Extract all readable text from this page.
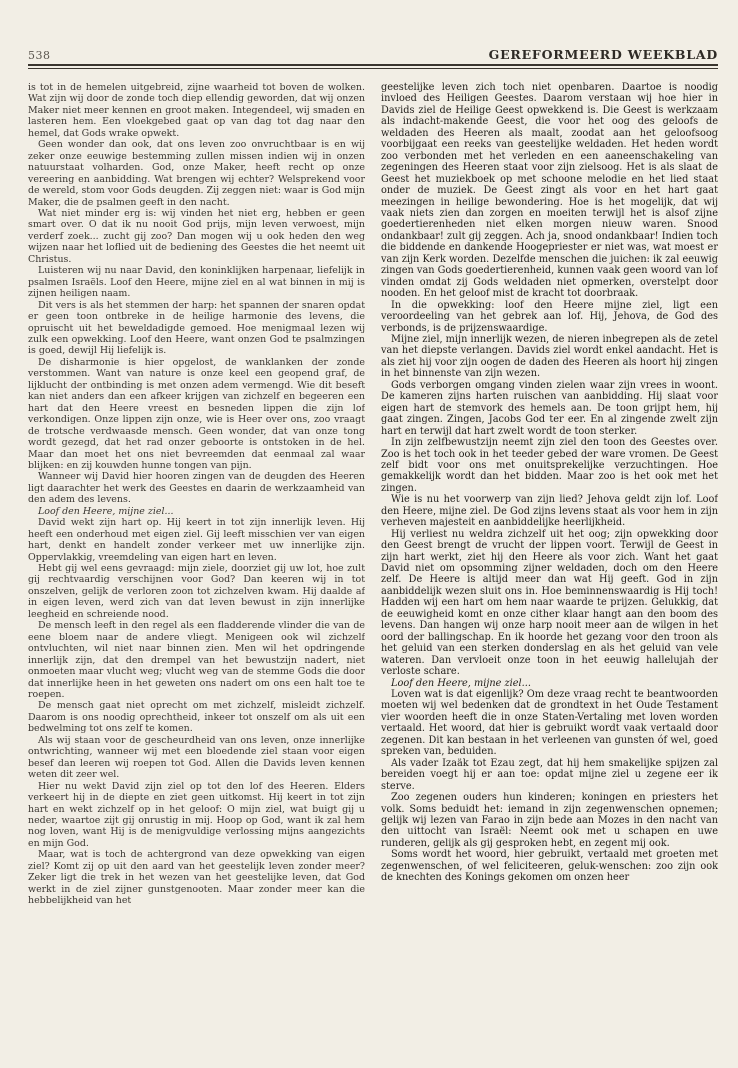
538	GEREFORMEERD WEEKBLAD

is tot in de hemelen uitgebreid, zijne waarheid tot boven de wolken. Wat zijn wij door de zonde toch diep ellendig geworden, dat wij onzen Maker niet meer kennen en groot maken. Integendeel, wij smaden en lasteren hem. Een vloekgebed gaat op van dag tot dag naar den hemel, dat Gods wrake opwekt.

Geen wonder dan ook, dat ons leven zoo onvruchtbaar is en wij zeker onze eeuwige bestemming zullen missen indien wij in onzen natuurstaat volharden. God, onze Maker, heeft recht op onze vereering en aanbidding. Wat brengen wij echter? Welsprekend voor de wereld, stom voor Gods deugden. Zij zeggen niet: waar is God mijn Maker, die de psalmen geeft in den nacht.

Wat niet minder erg is: wij vinden het niet erg, hebben er geen smart over. O dat ik nu nooit God prijs, mijn leven verwoest, mijn verderf zoek... zucht gij zoo? Dan mogen wij u ook heden den weg wijzen naar het loflied uit de bediening des Geestes die het neemt uit Christus.

Luisteren wij nu naar David, den koninklijken harpenaar, liefelijk in psalmen Israëls. Loof den Heere, mijne ziel en al wat binnen in mij is zijnen heiligen naam.

Dit vers is als het stemmen der harp: het spannen der snaren opdat er geen toon ontbreke in de heilige harmonie des levens, die opruischt uit het beweldadigde gemoed. Hoe menigmaal lezen wij zulk een opwekking. Loof den Heere, want onzen God te psalmzingen is goed, dewijl Hij liefelijk is.

De disharmonie is hier opgelost, de wanklanken der zonde verstommen. Want van nature is onze keel een geopend graf, de lijklucht der ontbinding is met onzen adem vermengd. Wie dit beseft kan niet anders dan een afkeer krijgen van zichzelf en begeeren een hart dat den Heere vreest en besneden lippen die zijn lof verkondigen. Onze lippen zijn onze, wie is Heer over ons, zoo vraagt de trotsche verdwaasde mensch. Geen wonder, dat van onze tong wordt gezegd, dat het rad onzer geboorte is ontstoken in de hel. Maar dan moet het ons niet bevreemden dat eenmaal zal waar blijken: en zij kouwden hunne tongen van pijn.

Wanneer wij David hier hooren zingen van de deugden des Heeren ligt daarachter het werk des Geestes en daarin de werkzaamheid van den adem des levens.

Loof den Heere, mijne ziel...

David wekt zijn hart op. Hij keert in tot zijn innerlijk leven. Hij heeft een onderhoud met eigen ziel. Gij leeft misschien ver van eigen hart, denkt en handelt zonder verkeer met uw innerlijke zijn. Oppervlakkig, vreemdeling van eigen hart en leven.

Hebt gij wel eens gevraagd: mijn ziele, doorziet gij uw lot, hoe zult gij rechtvaardig verschijnen voor God? Dan keeren wij in tot onszelven, gelijk de verloren zoon tot zichzelven kwam. Hij daalde af in eigen leven, werd zich van dat leven bewust in zijn innerlijke leegheid en schreiende nood.

De mensch leeft in den regel als een fladderende vlinder die van de eene bloem naar de andere vliegt. Menigeen ook wil zichzelf ontvluchten, wil niet naar binnen zien. Men wil het opdringende innerlijk zijn, dat den drempel van het bewustzijn nadert, niet onmoeten maar vlucht weg; vlucht weg van de stemme Gods die door dat innerlijke heen in het geweten ons nadert om ons een halt toe te roepen.

De mensch gaat niet oprecht om met zichzelf, misleidt zichzelf. Daarom is ons noodig oprechtheid, inkeer tot onszelf om als uit een bedwelming tot ons zelf te komen.

Als wij staan voor de gescheurdheid van ons leven, onze innerlijke ontwrichting, wanneer wij met een bloedende ziel staan voor eigen besef dan leeren wij roepen tot God. Allen die Davids leven kennen weten dit zeer wel.

Hier nu wekt David zijn ziel op tot den lof des Heeren. Elders verkeert hij in de diepte en ziet geen uitkomst. Hij keert in tot zijn hart en wekt zichzelf op in het geloof: O mijn ziel, wat buigt gij u neder, waartoe zijt gij onrustig in mij. Hoop op God, want ik zal hem nog loven, want Hij is de menigvuldige verlossing mijns aangezichts en mijn God.

Maar, wat is toch de achtergrond van deze opwekking van eigen ziel? Komt zij op uit den aard van het geestelijk leven zonder meer? Zeker ligt die trek in het wezen van het geestelijke leven, dat God werkt in de ziel zijner gunstgenooten. Maar zonder meer kan die hebbelijkheid van het

geestelijke leven zich toch niet openbaren. Daartoe is noodig invloed des Heiligen Geestes. Daarom verstaan wij hoe hier in Davids ziel de Heilige Geest opwekkend is. Die Geest is werkzaam als indacht-makende Geest, die voor het oog des geloofs de weldaden des Heeren als maalt, zoodat aan het geloofsoog voorbijgaat een reeks van geestelijke weldaden. Het heden wordt zoo verbonden met het verleden en een aaneenschakeling van zegeningen des Heeren staat voor zijn zielsoog. Het is als slaat de Geest het muziekboek op met schoone melodie en het lied staat onder de muziek. De Geest zingt als voor en het hart gaat meezingen in heilige bewondering. Hoe is het mogelijk, dat wij vaak niets zien dan zorgen en moeiten terwijl het is alsof zijne goedertierenheden niet elken morgen nieuw waren. Snood ondankbaar! zult gij zeggen. Ach ja, snood ondankbaar! Indien toch die biddende en dankende Hoogepriester er niet was, wat moest er van zijn Kerk worden. Dezelfde menschen die juichen: ik zal eeuwig zingen van Gods goedertierenheid, kunnen vaak geen woord van lof vinden omdat zij Gods weldaden niet opmerken, overstelpt door nooden. En het geloof mist de kracht tot doorbraak.

In die opwekking: loof den Heere mijne ziel, ligt een veroordeeling van het gebrek aan lof. Hij, Jehova, de God des verbonds, is de prijzenswaardige.

Mijne ziel, mijn innerlijk wezen, de nieren inbegrepen als de zetel van het diepste verlangen. Davids ziel wordt enkel aandacht. Het is als ziet hij voor zijn oogen de daden des Heeren als hoort hij zingen in het binnenste van zijn wezen.

Gods verborgen omgang vinden zielen waar zijn vrees in woont. De kameren zijns harten ruischen van aanbidding. Hij slaat voor eigen hart de stemvork des hemels aan. De toon grijpt hem, hij gaat zingen. Zingen, Jacobs God ter eer. En al zingende zwelt zijn hart en terwijl dat hart zwelt wordt de toon sterker.

In zijn zelfbewustzijn neemt zijn ziel den toon des Geestes over. Zoo is het toch ook in het teeder gebed der ware vromen. De Geest zelf bidt voor ons met onuitsprekelijke verzuchtingen. Hoe gemakkelijk wordt dan het bidden. Maar zoo is het ook met het zingen.

Wie is nu het voorwerp van zijn lied? Jehova geldt zijn lof. Loof den Heere, mijne ziel. De God zijns levens staat als voor hem in zijn verheven majesteit en aanbiddelijke heerlijkheid.

Hij verliest nu weldra zichzelf uit het oog; zijn opwekking door den Geest brengt de vrucht der lippen voort. Terwijl de Geest in zijn hart werkt, ziet hij den Heere als voor zich. Want het gaat David niet om opsomming zijner weldaden, doch om den Heere zelf. De Heere is altijd meer dan wat Hij geeft. God in zijn aanbiddelijk wezen sluit ons in. Hoe beminnenswaardig is Hij toch! Hadden wij een hart om hem naar waarde te prijzen. Gelukkig, dat de eeuwigheid komt en onze cither klaar hangt aan den boom des levens. Dan hangen wij onze harp nooit meer aan de wilgen in het oord der ballingschap. En ik hoorde het gezang voor den troon als het geluid van een sterken donderslag en als het geluid van vele wateren. Dan vervloeit onze toon in het eeuwig hallelujah der verloste schare.

Loof den Heere, mijne ziel...

Loven wat is dat eigenlijk? Om deze vraag recht te beantwoorden moeten wij wel bedenken dat de grondtext in het Oude Testament vier woorden heeft die in onze Staten-Vertaling met loven worden vertaald. Het woord, dat hier is gebruikt wordt vaak vertaald door zegenen. Dit kan bestaan in het verleenen van gunsten óf wel, goed spreken van, beduiden.

Als vader Izaäk tot Ezau zegt, dat hij hem smakelijke spijzen zal bereiden voegt hij er aan toe: opdat mijne ziel u zegene eer ik sterve.

Zoo zegenen ouders hun kinderen; koningen en priesters het volk. Soms beduidt het: iemand in zijn zegenwenschen opnemen; gelijk wij lezen van Farao in zijn bede aan Mozes in den nacht van den uittocht van Israël: Neemt ook met u schapen en uwe runderen, gelijk als gij gesproken hebt, en zegent mij ook.

Soms wordt het woord, hier gebruikt, vertaald met groeten met zegenwenschen, of wel feliciteeren, geluk-wenschen: zoo zijn ook de knechten des Konings gekomen om onzen heer
